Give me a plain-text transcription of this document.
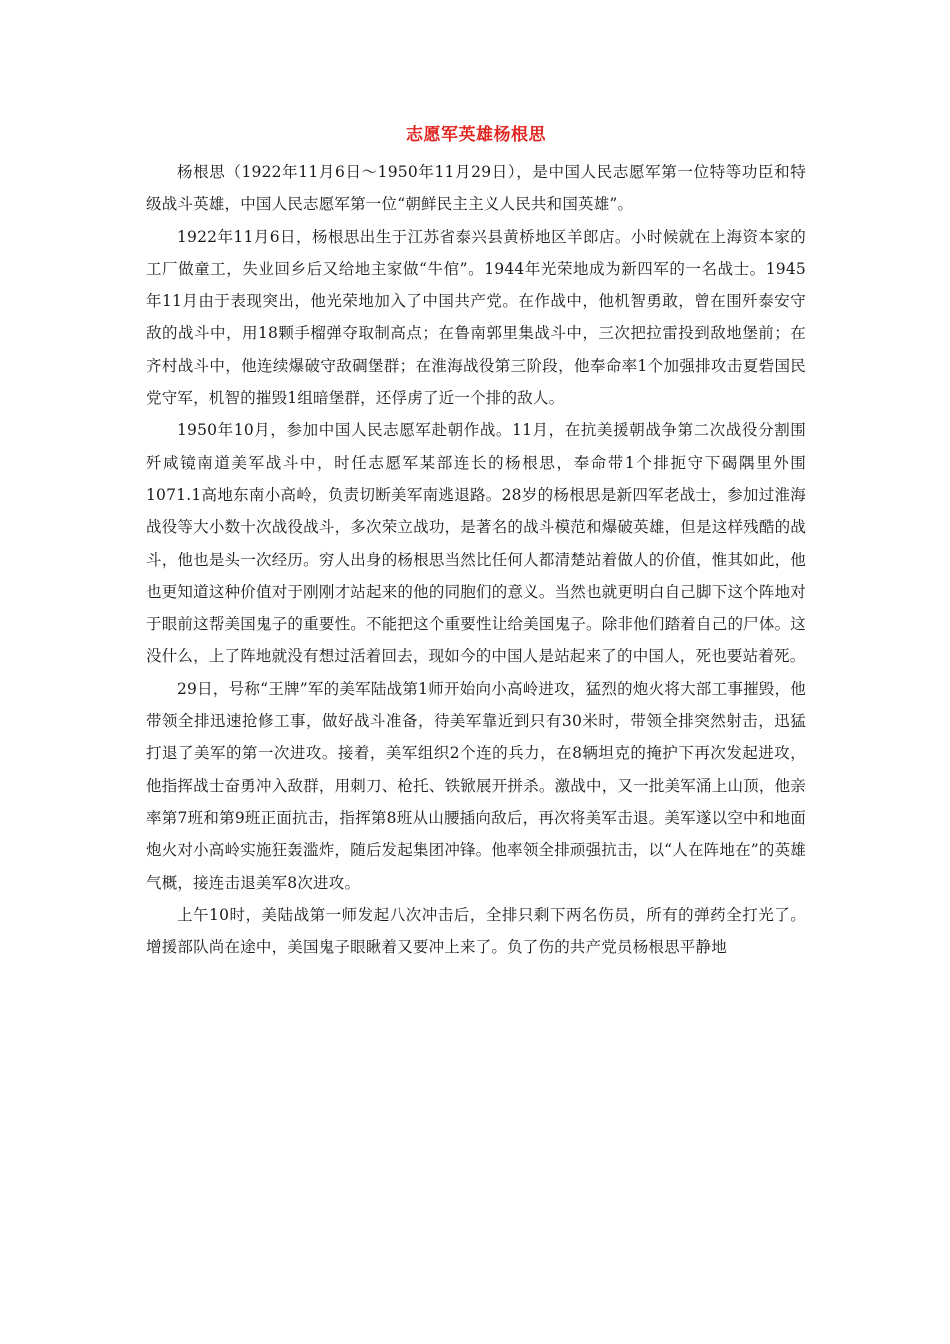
志愿军英雄杨根思

杨根思（1922年11月6日～1950年11月29日），是中国人民志愿军第一位特等功臣和特级战斗英雄，中国人民志愿军第一位“朝鲜民主主义人民共和国英雄”。

1922年11月6日，杨根思出生于江苏省泰兴县黄桥地区羊郎店。小时候就在上海资本家的工厂做童工，失业回乡后又给地主家做“牛倌”。1944年光荣地成为新四军的一名战士。1945年11月由于表现突出，他光荣地加入了中国共产党。在作战中，他机智勇敢，曾在围歼泰安守敌的战斗中，用18颗手榴弹夺取制高点；在鲁南郭里集战斗中，三次把拉雷投到敌地堡前；在齐村战斗中，他连续爆破守敌碉堡群；在淮海战役第三阶段，他奉命率1个加强排攻击夏砦国民党守军，机智的摧毁1组暗堡群，还俘虏了近一个排的敌人。

1950年10月，参加中国人民志愿军赴朝作战。11月，在抗美援朝战争第二次战役分割围歼咸镜南道美军战斗中，时任志愿军某部连长的杨根思，奉命带1个排扼守下碣隅里外围1071.1高地东南小高岭，负责切断美军南逃退路。28岁的杨根思是新四军老战士，参加过淮海战役等大小数十次战役战斗，多次荣立战功，是著名的战斗模范和爆破英雄，但是这样残酷的战斗，他也是头一次经历。穷人出身的杨根思当然比任何人都清楚站着做人的价值，惟其如此，他也更知道这种价值对于刚刚才站起来的他的同胞们的意义。当然也就更明白自己脚下这个阵地对于眼前这帮美国鬼子的重要性。不能把这个重要性让给美国鬼子。除非他们踏着自己的尸体。这没什么，上了阵地就没有想过活着回去，现如今的中国人是站起来了的中国人，死也要站着死。

29日，号称“王牌”军的美军陆战第1师开始向小高岭进攻，猛烈的炮火将大部工事摧毁，他带领全排迅速抢修工事，做好战斗准备，待美军靠近到只有30米时，带领全排突然射击，迅猛打退了美军的第一次进攻。接着，美军组织2个连的兵力，在8辆坦克的掩护下再次发起进攻，他指挥战士奋勇冲入敌群，用刺刀、枪托、铁锨展开拼杀。激战中，又一批美军涌上山顶，他亲率第7班和第9班正面抗击，指挥第8班从山腰插向敌后，再次将美军击退。美军遂以空中和地面炮火对小高岭实施狂轰滥炸，随后发起集团冲锋。他率领全排顽强抗击，以“人在阵地在”的英雄气概，接连击退美军8次进攻。

上午10时，美陆战第一师发起八次冲击后，全排只剩下两名伤员，所有的弹药全打光了。增援部队尚在途中，美国鬼子眼瞅着又要冲上来了。负了伤的共产党员杨根思平静地
